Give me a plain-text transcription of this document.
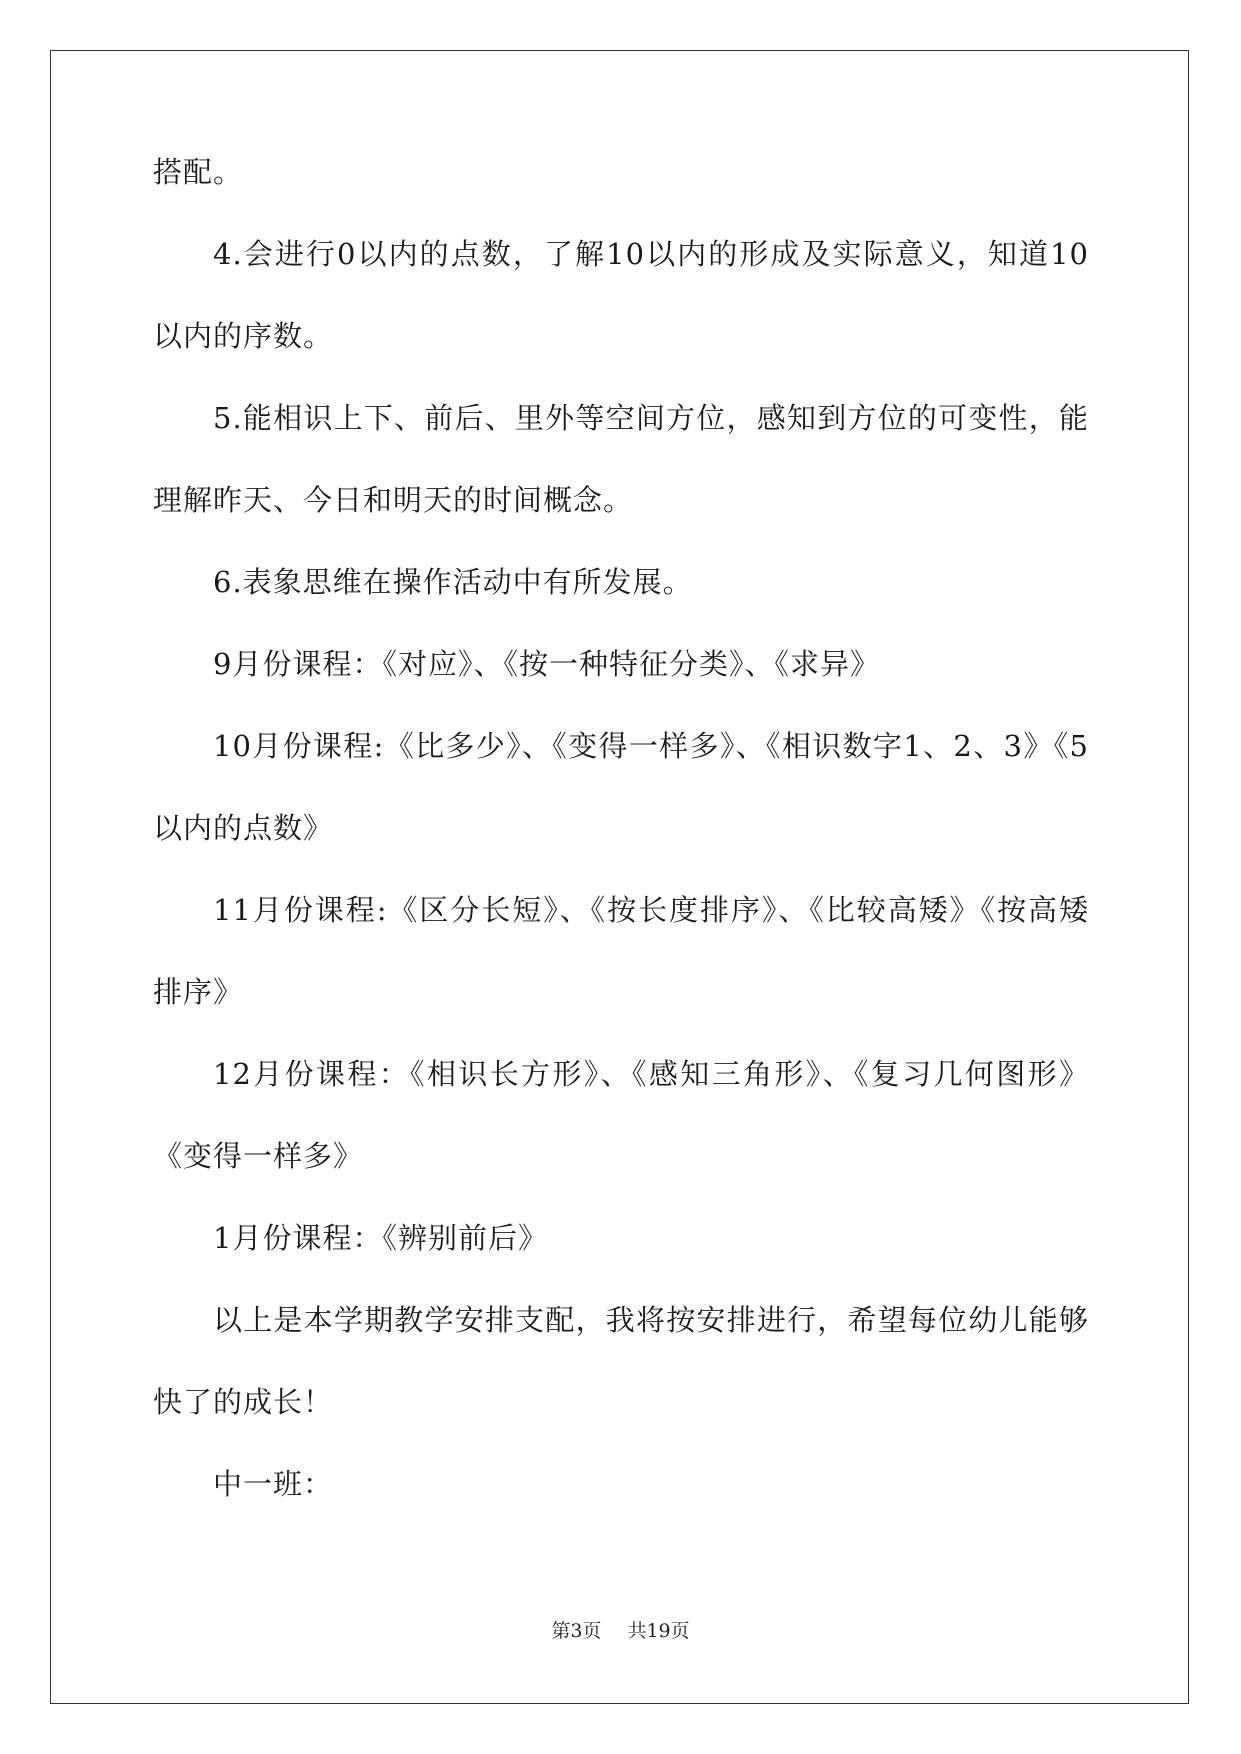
搭配。

4.会进行0以内的点数，了解10以内的形成及实际意义，知道10以内的序数。

5.能相识上下、前后、里外等空间方位，感知到方位的可变性，能理解昨天、今日和明天的时间概念。

6.表象思维在操作活动中有所发展。

9月份课程：《对应》、《按一种特征分类》、《求异》

10月份课程:《比多少》、《变得一样多》、《相识数字1、2、3》《5以内的点数》

11月份课程:《区分长短》、《按长度排序》、《比较高矮》《按高矮排序》

12月份课程：《相识长方形》、《感知三角形》、《复习几何图形》《变得一样多》

1月份课程：《辨别前后》

以上是本学期教学安排支配，我将按安排进行，希望每位幼儿能够快了的成长！

中一班：

第3页 共19页
